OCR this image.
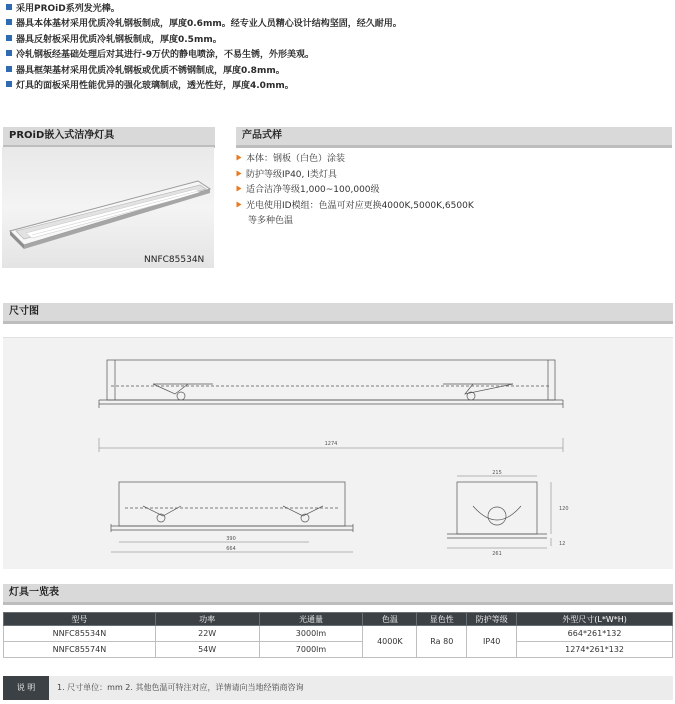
采用PROiD系列发光棒。
器具本体基材采用优质冷轧钢板制成，厚度0.6mm。经专业人员精心设计结构坚固，经久耐用。
器具反射板采用优质冷轧钢板制成，厚度0.5mm。
冷轧钢板经基础处理后对其进行-9万伏的静电喷涂，不易生锈，外形美观。
器具框架基材采用优质冷轧钢板或优质不锈钢制成，厚度0.8mm。
灯具的面板采用性能优异的强化玻璃制成，透光性好，厚度4.0mm。
PROiD嵌入式洁净灯具	产品式样
NNFC85534N
本体：钢板（白色）涂装
防护等级IP40, I类灯具
适合洁净等级1,000~100,000级
光电使用ID模组：色温可对应更换4000K,5000K,6500K
等多种色温
尺寸图
1274
390
664
215
261
120
12
灯具一览表
型号	功率	光通量	色温	显色性	防护等级	外型尺寸(L*W*H)
NNFC85534N	22W	3000lm	4000K	Ra 80	IP40	664*261*132
NNFC85574N	54W	7000lm				1274*261*132
说 明	1. 尺寸单位：mm 2. 其他色温可特注对应，详情请向当地经销商咨询
